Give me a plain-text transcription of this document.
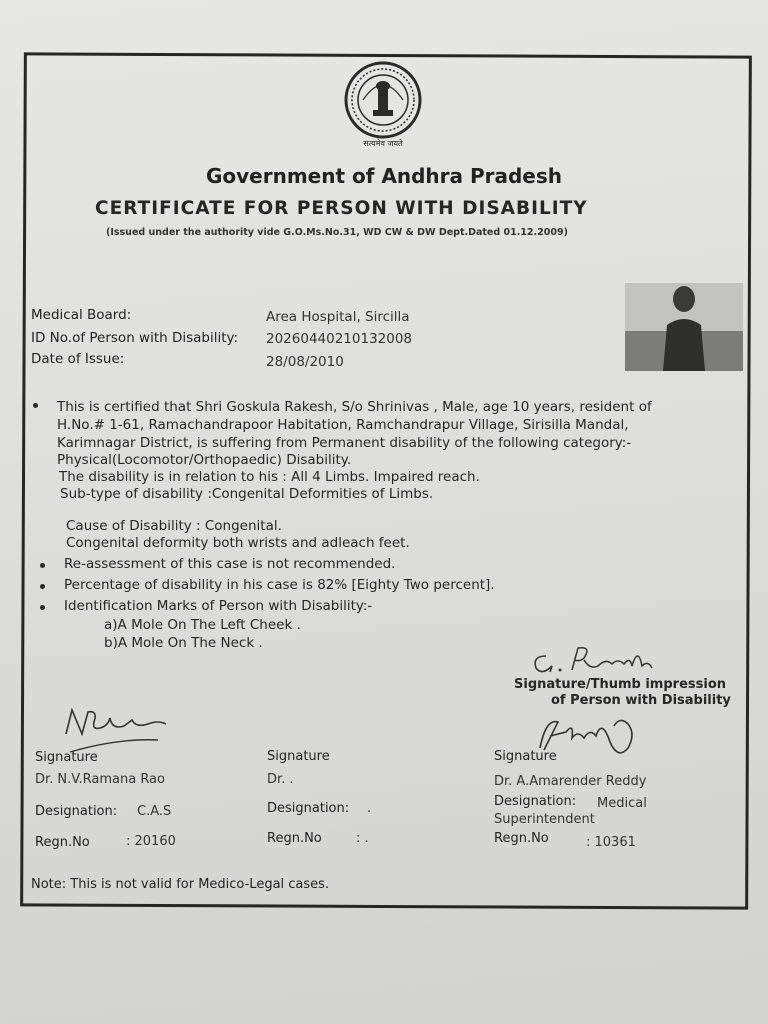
सत्यमेव जयते
Government of Andhra Pradesh
CERTIFICATE FOR PERSON WITH DISABILITY
(Issued under the authority vide G.O.Ms.No.31, WD CW & DW Dept.Dated 01.12.2009)
Medical Board:	Area Hospital, Sircilla
ID No.of Person with Disability: 20260440210132008
Date of Issue:	28/08/2010
This is certified that Shri Goskula Rakesh, S/o Shrinivas , Male, age 10 years, resident of
H.No.# 1-61, Ramachandrapoor Habitation, Ramchandrapur Village, Sirisilla Mandal,
Karimnagar District, is suffering from Permanent disability of the following category:-
Physical(Locomotor/Orthopaedic) Disability.
The disability is in relation to his : All 4 Limbs. Impaired reach.
Sub-type of disability :Congenital Deformities of Limbs.
Cause of Disability : Congenital.
Congenital deformity both wrists and adleach feet.
Re-assessment of this case is not recommended.
Percentage of disability in his case is 82% [Eighty Two percent].
Identification Marks of Person with Disability:-
a)A Mole On The Left Cheek .
b)A Mole On The Neck .
Signature/Thumb impression
of Person with Disability
Signature
Dr. N.V.Ramana Rao
Designation: C.A.S
Regn.No	: 20160
Signature
Dr. .
Designation: .
Regn.No	: .
Signature
Dr. A.Amarender Reddy
Designation: Medical
Superintendent
Regn.No	: 10361
Note: This is not valid for Medico-Legal cases.
